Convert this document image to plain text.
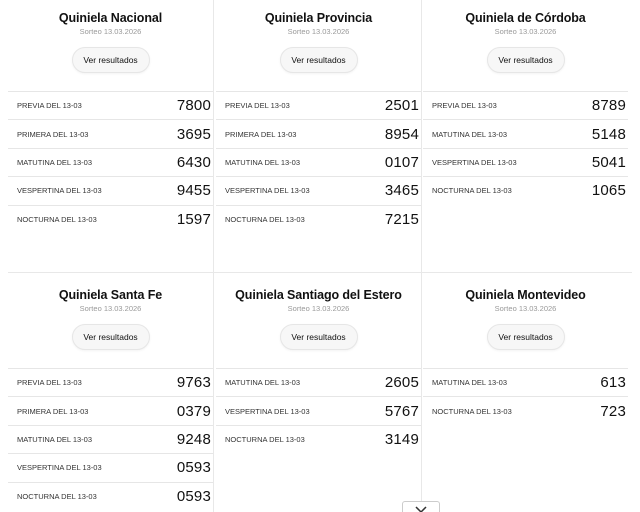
Quiniela Nacional
Sorteo 13.03.2026
Ver resultados
PREVIA DEL 13-03	7800
PRIMERA DEL 13-03	3695
MATUTINA DEL 13-03	6430
VESPERTINA DEL 13-03	9455
NOCTURNA DEL 13-03	1597
Quiniela Provincia
Sorteo 13.03.2026
Ver resultados
PREVIA DEL 13-03	2501
PRIMERA DEL 13-03	8954
MATUTINA DEL 13-03	0107
VESPERTINA DEL 13-03	3465
NOCTURNA DEL 13-03	7215
Quiniela de Córdoba
Sorteo 13.03.2026
Ver resultados
PREVIA DEL 13-03	8789
MATUTINA DEL 13-03	5148
VESPERTINA DEL 13-03	5041
NOCTURNA DEL 13-03	1065
Quiniela Santa Fe
Sorteo 13.03.2026
Ver resultados
PREVIA DEL 13-03	9763
PRIMERA DEL 13-03	0379
MATUTINA DEL 13-03	9248
VESPERTINA DEL 13-03	0593
NOCTURNA DEL 13-03	0593
Quiniela Santiago del Estero
Sorteo 13.03.2026
Ver resultados
MATUTINA DEL 13-03	2605
VESPERTINA DEL 13-03	5767
NOCTURNA DEL 13-03	3149
Quiniela Montevideo
Sorteo 13.03.2026
Ver resultados
MATUTINA DEL 13-03	613
NOCTURNA DEL 13-03	723
